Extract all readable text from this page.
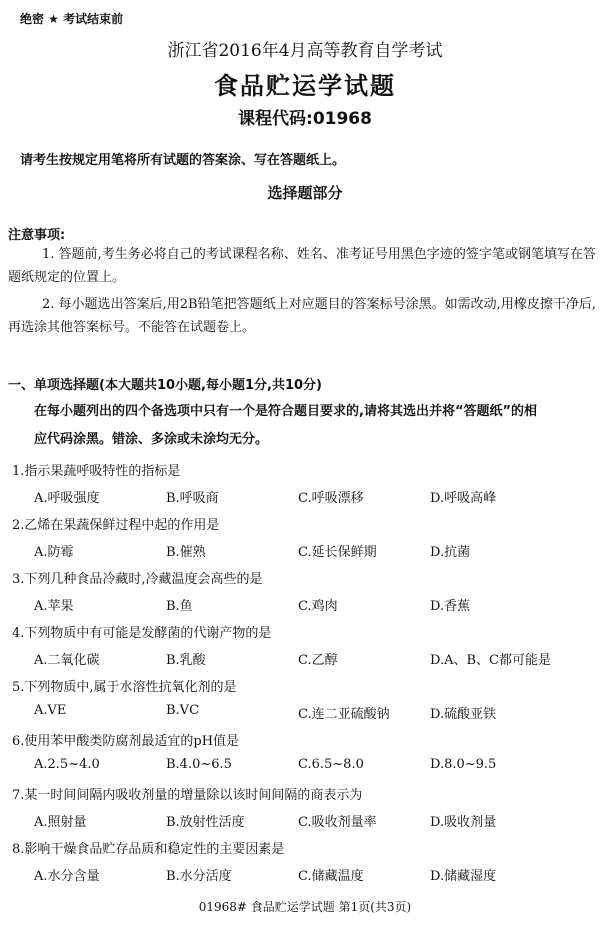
绝密 ★ 考试结束前
浙江省2016年4月高等教育自学考试
食品贮运学试题
课程代码:01968
请考生按规定用笔将所有试题的答案涂、写在答题纸上。
选择题部分
注意事项:
1. 答题前,考生务必将自己的考试课程名称、姓名、准考证号用黑色字迹的签字笔或钢笔填写在答题纸规定的位置上。
2. 每小题选出答案后,用2B铅笔把答题纸上对应题目的答案标号涂黑。如需改动,用橡皮擦干净后,再选涂其他答案标号。不能答在试题卷上。
一、单项选择题(本大题共10小题,每小题1分,共10分)
在每小题列出的四个备选项中只有一个是符合题目要求的,请将其选出并将“答题纸”的相
应代码涂黑。错涂、多涂或未涂均无分。
1.指示果蔬呼吸特性的指标是
A.呼吸强度	B.呼吸商	C.呼吸漂移	D.呼吸高峰
2.乙烯在果蔬保鲜过程中起的作用是
A.防霉	B.催熟	C.延长保鲜期	D.抗菌
3.下列几种食品冷藏时,冷藏温度会高些的是
A.苹果	B.鱼	C.鸡肉	D.香蕉
4.下列物质中有可能是发酵菌的代谢产物的是
A.二氧化碳	B.乳酸	C.乙醇	D.A、B、C都可能是
5.下列物质中,属于水溶性抗氧化剂的是
A.VE	B.VC	C.连二亚硫酸钠	D.硫酸亚铁
6.使用苯甲酸类防腐剂最适宜的pH值是
A.2.5~4.0	B.4.0~6.5	C.6.5~8.0	D.8.0~9.5
7.某一时间间隔内吸收剂量的增量除以该时间间隔的商表示为
A.照射量	B.放射性活度	C.吸收剂量率	D.吸收剂量
8.影响干燥食品贮存品质和稳定性的主要因素是
A.水分含量	B.水分活度	C.储藏温度	D.储藏湿度
01968# 食品贮运学试题 第1页(共3页)
